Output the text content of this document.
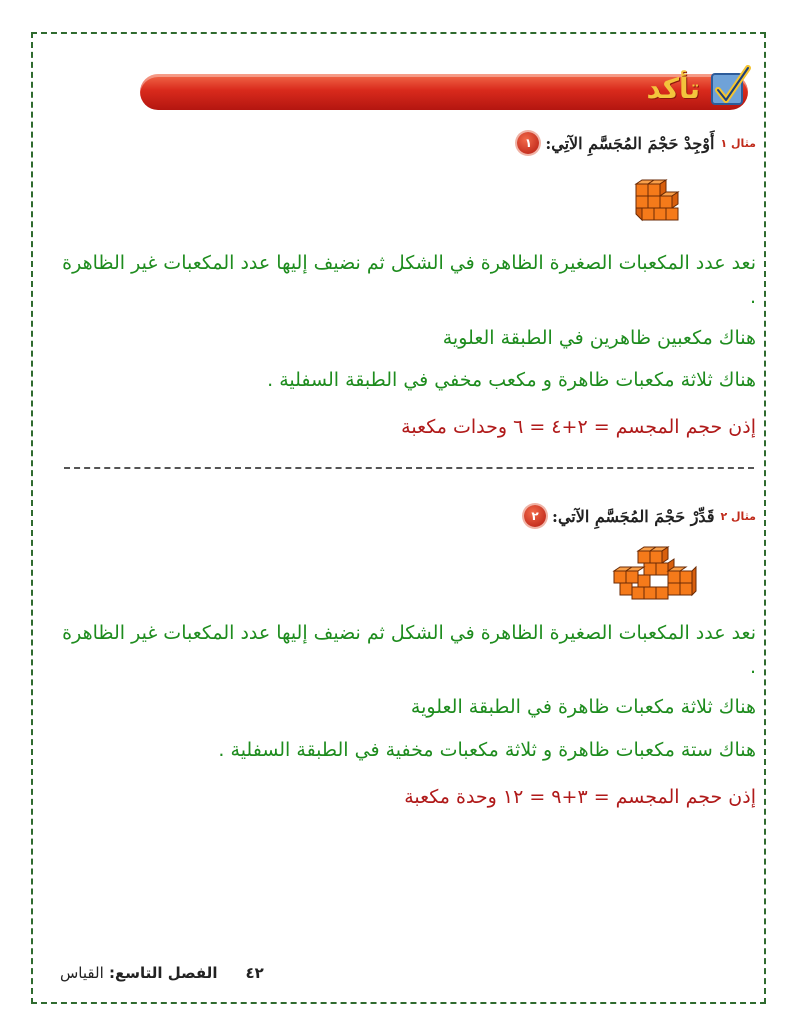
تأكد
١ أَوْجِدْ حَجْمَ المُجَسَّمِ الآتِي: مثال ١
نعد عدد المكعبات الصغيرة الظاهرة في الشكل ثم نضيف إليها عدد المكعبات غير الظاهرة .
هناك مكعبين ظاهرين في الطبقة العلوية
هناك ثلاثة مكعبات ظاهرة و مكعب مخفي في الطبقة السفلية .
إذن حجم المجسم = ٢+٤ = ٦ وحدات مكعبة
٢ قَدِّرْ حَجْمَ المُجَسَّمِ الآتي: مثال ٢
نعد عدد المكعبات الصغيرة الظاهرة في الشكل ثم نضيف إليها عدد المكعبات غير الظاهرة .
هناك ثلاثة مكعبات ظاهرة في الطبقة العلوية
هناك ستة مكعبات ظاهرة و ثلاثة مكعبات مخفية في الطبقة السفلية .
إذن حجم المجسم = ٣+٩ = ١٢ وحدة مكعبة
٤٢
الفصل التاسع: القياس
